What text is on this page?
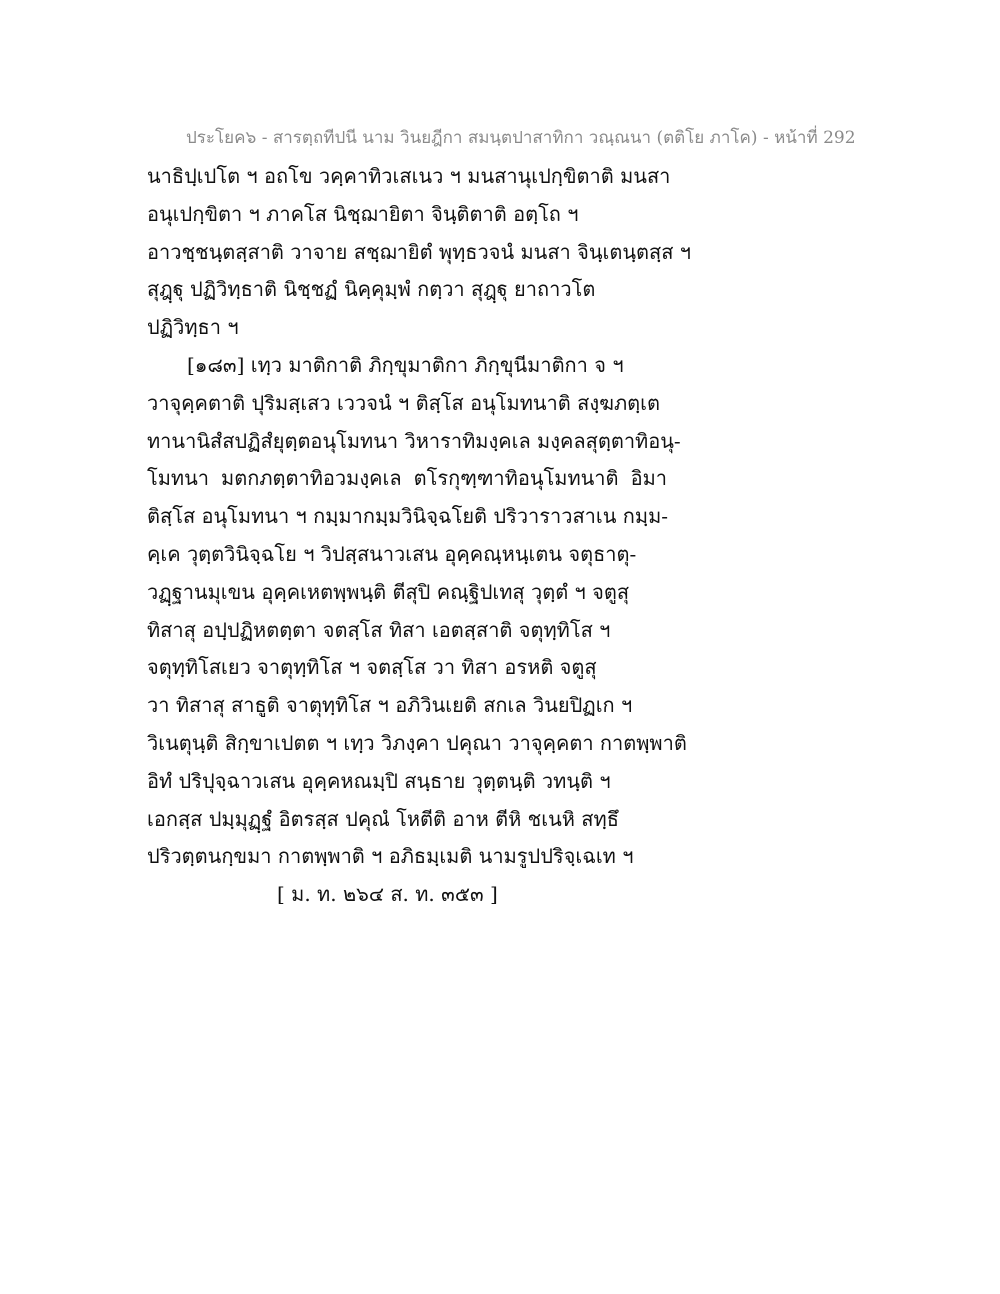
ประโยค๖ - สารตฺถทีปนี นาม วินยฎีกา สมนฺตปาสาทิกา วณฺณนา (ตติโย ภาโค) - หน้าที่ 292
นาธิปฺเปโต ฯ อถโข วคฺคาทิวเสเนว ฯ มนสานุเปกฺขิตาติ มนสา
อนุเปกฺขิตา ฯ ภาคโส นิชฺฌายิตา จินฺติตาติ อตฺโถ ฯ
อาวชฺชนฺตสฺสาติ วาจาย สชฺฌายิตํ พุทฺธวจนํ มนสา จินฺเตนฺตสฺส ฯ
สุฎฺฐุ ปฏิวิทฺธาติ นิชฺชฏํ นิคฺคุมฺพํ กตฺวา สุฎฺฐุ ยาถาวโต
ปฏิวิทฺธา ฯ
[๑๘๓] เทฺว มาติกาติ ภิกฺขุมาติกา ภิกฺขุนีมาติกา จ ฯ
วาจุคฺคตาติ ปุริมสฺเสว เววจนํ ฯ ติสฺโส อนุโมทนาติ สงฺฆภตฺเต
ทานานิสํสปฏิสํยุตฺตอนุโมทนา วิหาราทิมงฺคเล มงฺคลสุตฺตาทิอนุ-
โมทนา มตกภตฺตาทิอวมงฺคเล ตโรกุฑฺฑาทิอนุโมทนาติ อิมา
ติสฺโส อนุโมทนา ฯ กมฺมากมฺมวินิจฺฉโยติ ปริวาราวสาเน กมฺม-
คฺเค วุตฺตวินิจฺฉโย ฯ วิปสฺสนาวเสน อุคฺคณฺหนฺเตน จตุธาตุ-
วฏฺฐานมุเขน อุคฺคเหตพฺพนฺติ ตีสุปิ คณฺฐิปเทสุ วุตฺตํ ฯ จตูสุ
ทิสาสุ อปฺปฏิหตตฺตา จตสฺโส ทิสา เอตสฺสาติ จตุทฺทิโส ฯ
จตุทฺทิโสเยว จาตุทฺทิโส ฯ จตสฺโส วา ทิสา อรหติ จตูสุ
วา ทิสาสุ สาธูติ จาตุทฺทิโส ฯ อภิวินเยติ สกเล วินยปิฏเก ฯ
วิเนตุนฺติ สิกฺขาเปตต ฯ เทฺว วิภงฺคา ปคุณา วาจุคฺคตา กาตพฺพาติ
อิทํ ปริปุจฺฉาวเสน อุคฺคหณมฺปิ สนฺธาย วุตฺตนฺติ วทนฺติ ฯ
เอกสฺส ปมฺมุฏฺฐํ อิตรสฺส ปคุณํ โหตีติ อาห ตีหิ ชเนหิ สทฺธึ
ปริวตฺตนกฺขมา กาตพฺพาติ ฯ อภิธมฺเมติ นามรูปปริจฺเฉเท ฯ
[ ม. ท. ๒๖๔ ส. ท. ๓๕๓ ]
